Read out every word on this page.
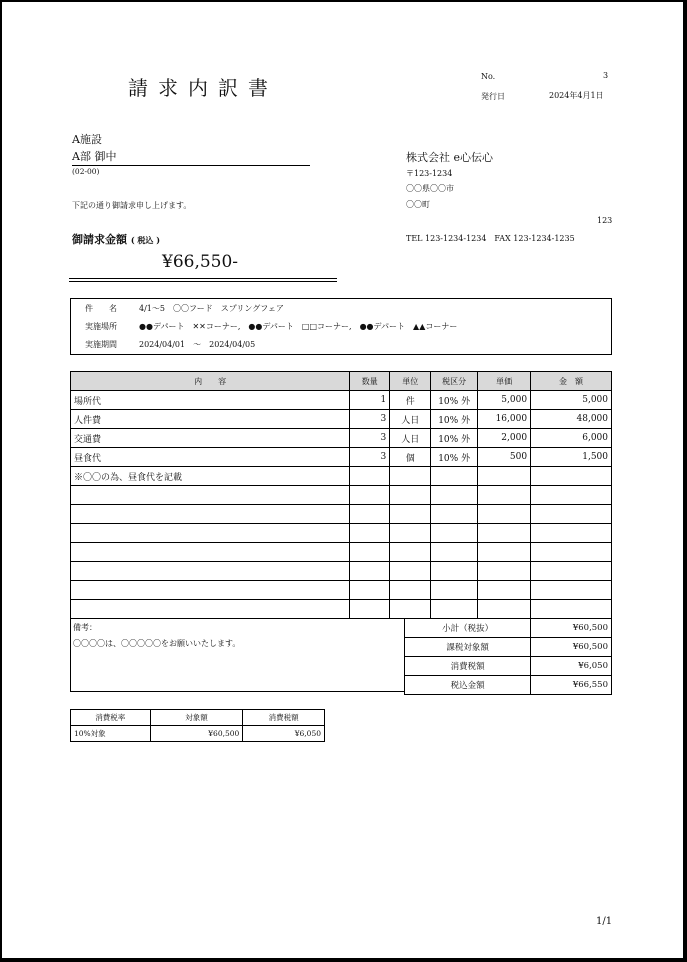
請求内訳書	No.	3
発行日	2024年4月1日
A施設
A部 御中
(02-00)
下記の通り御請求申し上げます。
御請求金額 ( 税込 )
¥66,550-
株式会社 e心伝心
〒123-1234
〇〇県〇〇市
〇〇町
123
TEL 123-1234-1234　FAX 123-1234-1235
件　　名	4/1～5　〇〇フード　スプリングフェア
実施場所	●●デパート　✕✕コーナー,　●●デパート　□□コーナー,　●●デパート　▲▲コーナー
実施期間	2024/04/01　～　2024/04/05
内　　容	数量	単位	税区分	単価	金　額
場所代	1	件	10% 外	5,000	5,000
人件費	3	人日	10% 外	16,000	48,000
交通費	3	人日	10% 外	2,000	6,000
昼食代	3	個	10% 外	500	1,500
※〇〇の為、昼食代を記載					

備考：
〇〇〇〇は、〇〇〇〇〇をお願いいたします。
小計（税抜）	¥60,500
課税対象額	¥60,500
消費税額	¥6,050
税込金額	¥66,550
消費税率	対象額	消費税額
10%対象	¥60,500	¥6,050
1/1
